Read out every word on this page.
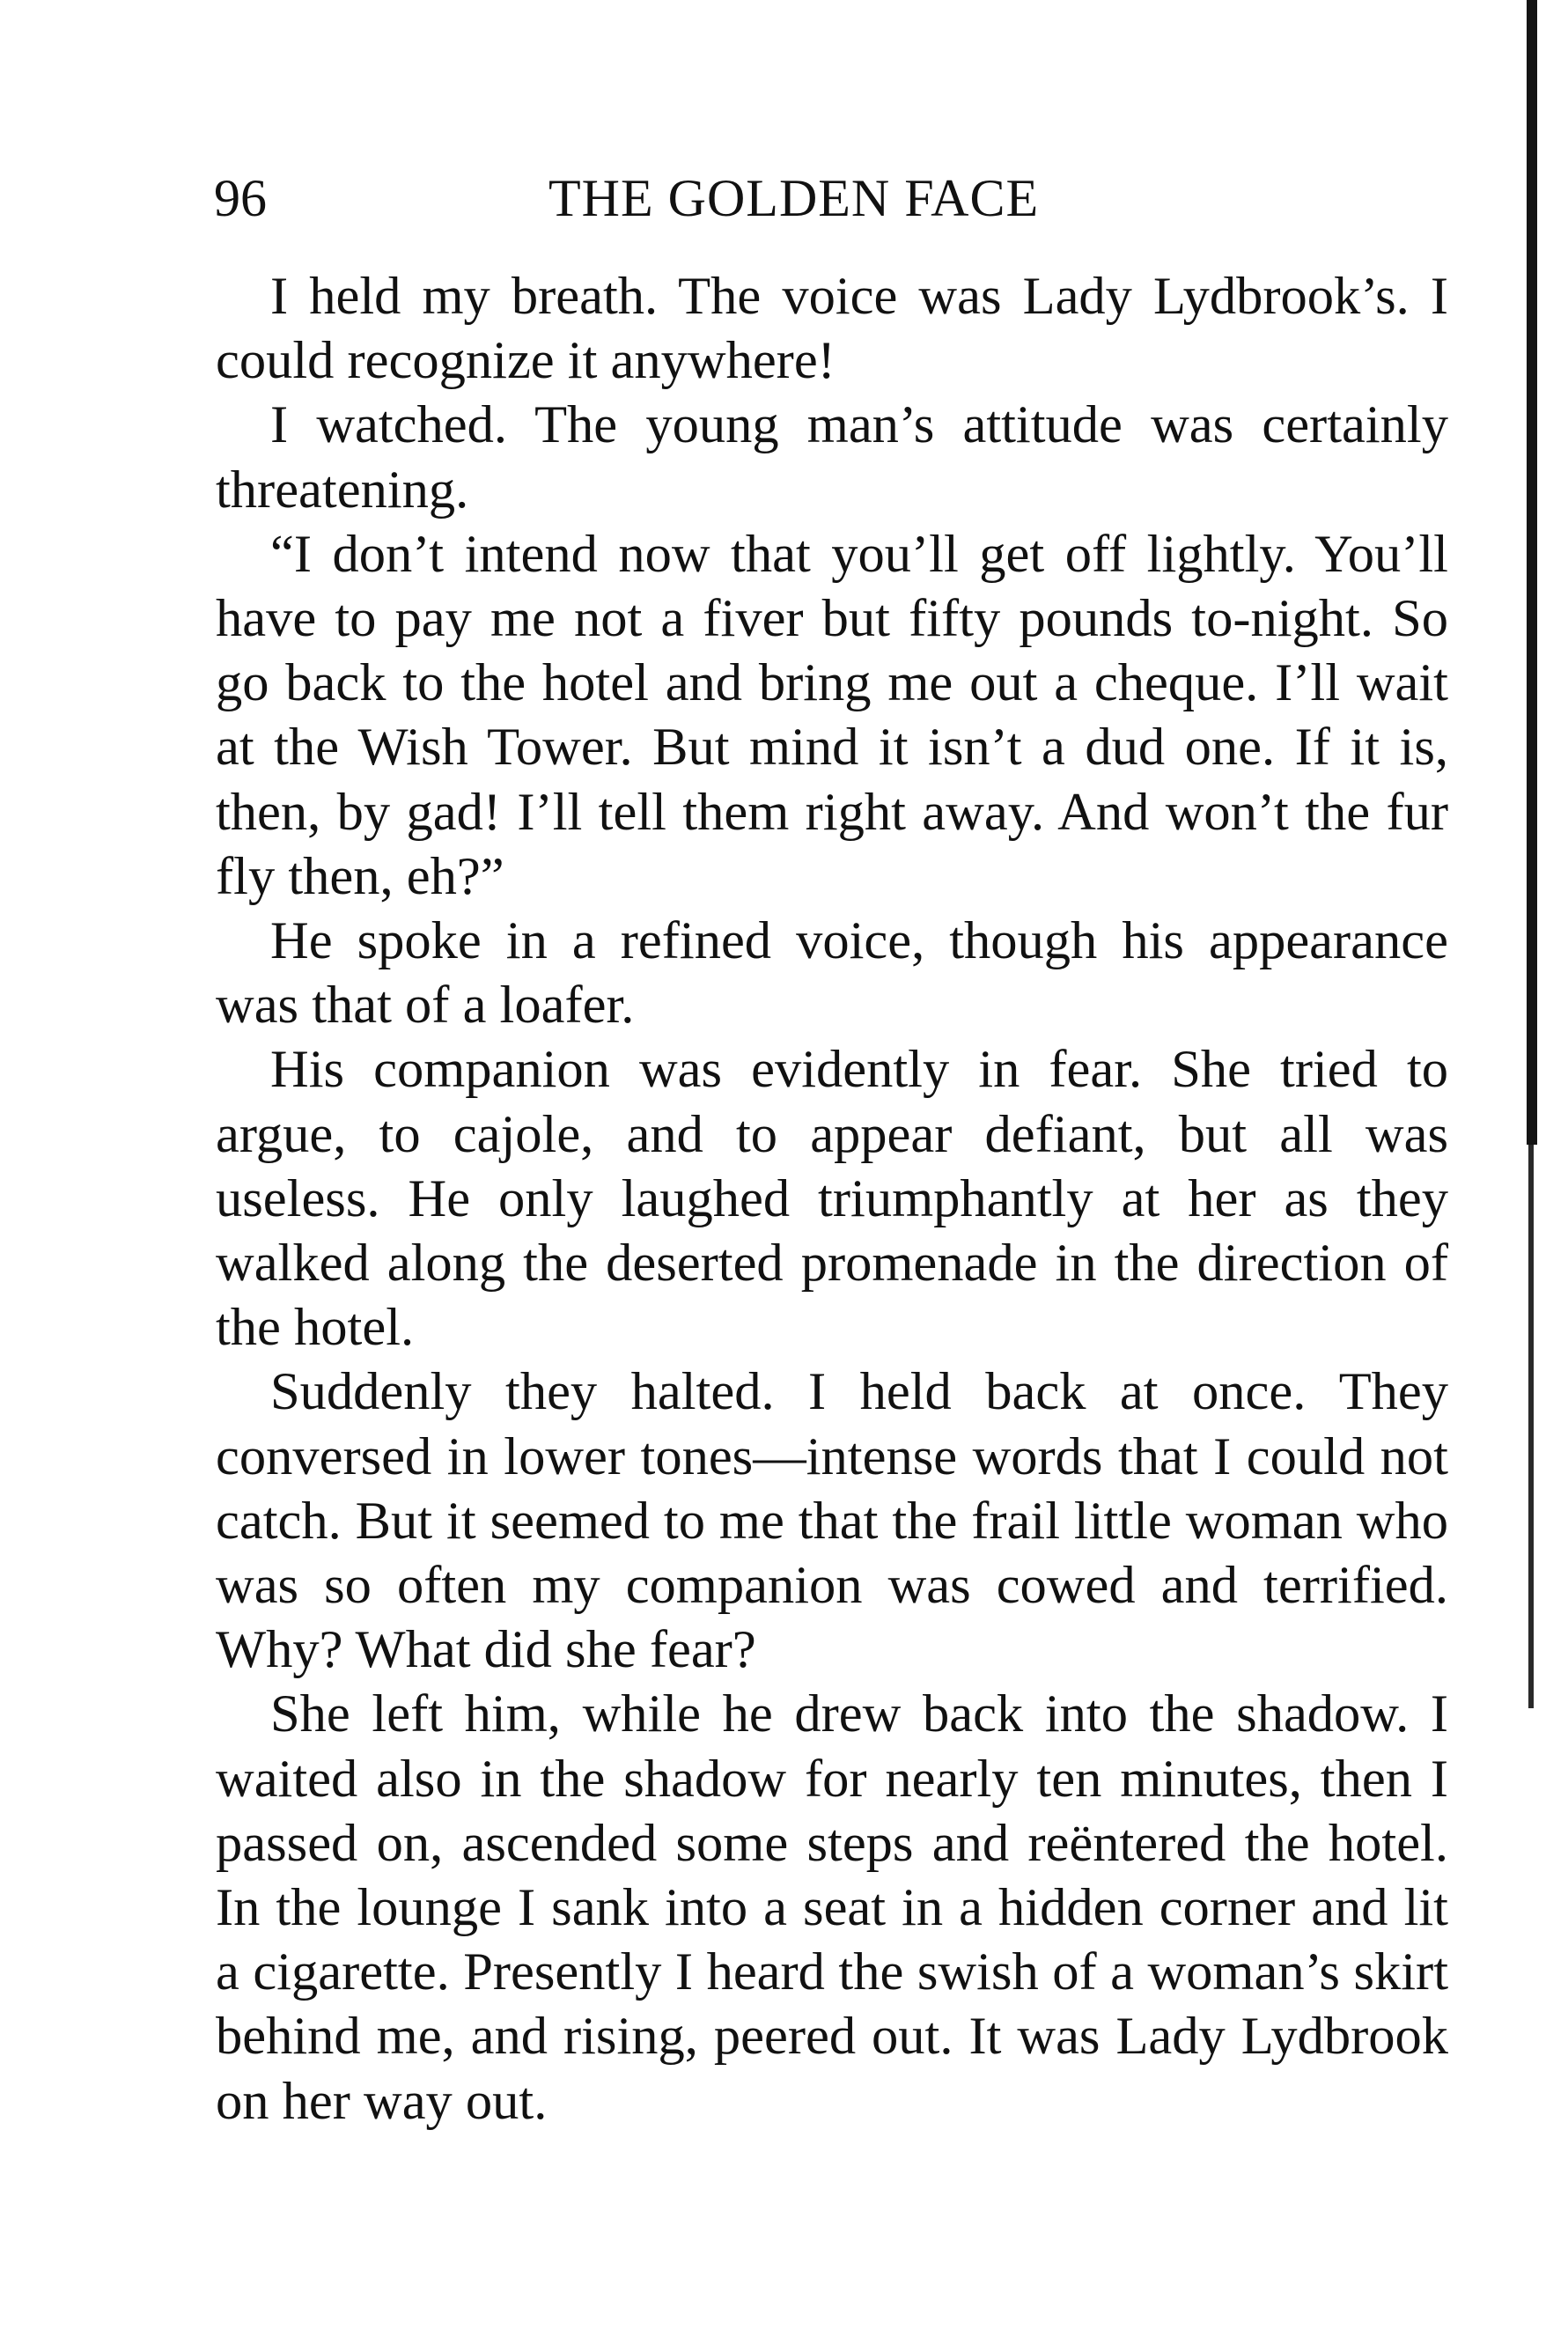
96	THE GOLDEN FACE

I held my breath. The voice was Lady Lydbrook’s. I could recognize it anywhere!

I watched. The young man’s attitude was certainly threatening.

“I don’t intend now that you’ll get off lightly. You’ll have to pay me not a fiver but fifty pounds to-night. So go back to the hotel and bring me out a cheque. I’ll wait at the Wish Tower. But mind it isn’t a dud one. If it is, then, by gad! I’ll tell them right away. And won’t the fur fly then, eh?”

He spoke in a refined voice, though his appearance was that of a loafer.

His companion was evidently in fear. She tried to argue, to cajole, and to appear defiant, but all was useless. He only laughed triumphantly at her as they walked along the deserted promenade in the direction of the hotel.

Suddenly they halted. I held back at once. They conversed in lower tones—intense words that I could not catch. But it seemed to me that the frail little woman who was so often my companion was cowed and terrified. Why? What did she fear?

She left him, while he drew back into the shadow. I waited also in the shadow for nearly ten minutes, then I passed on, ascended some steps and reëntered the hotel. In the lounge I sank into a seat in a hidden corner and lit a cigarette. Presently I heard the swish of a woman’s skirt behind me, and rising, peered out. It was Lady Lydbrook on her way out.
